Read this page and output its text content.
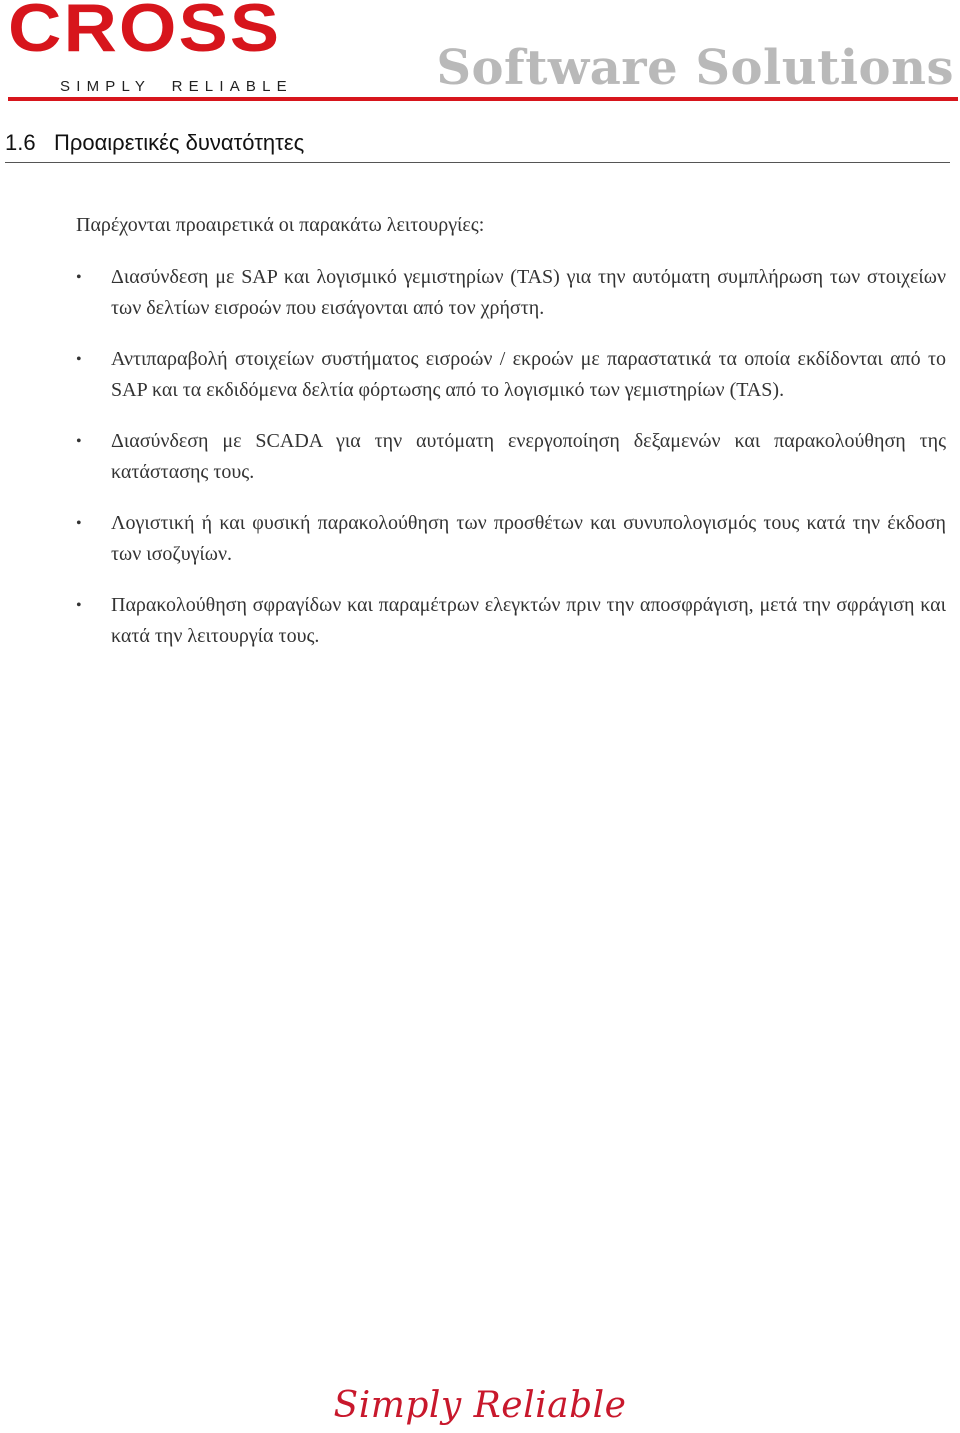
CROSS
SIMPLY  RELIABLE	Software Solutions
1.6 Προαιρετικές δυνατότητες

Παρέχονται προαιρετικά οι παρακάτω λειτουργίες:

•	Διασύνδεση με SAP και λογισμικό γεμιστηρίων (TAS) για την αυτόματη συμπλήρωση των στοιχείων των δελτίων εισροών που εισάγονται από τον χρήστη.
•	Αντιπαραβολή στοιχείων συστήματος εισροών / εκροών με παραστατικά τα οποία εκδίδονται από το SAP και τα εκδιδόμενα δελτία φόρτωσης από το λογισμικό των γεμιστηρίων (TAS).
•	Διασύνδεση με SCADA για την αυτόματη ενεργοποίηση δεξαμενών και παρακολούθηση της κατάστασης τους.
•	Λογιστική ή και φυσική παρακολούθηση των προσθέτων και συνυπολογισμός τους κατά την έκδοση των ισοζυγίων.
•	Παρακολούθηση σφραγίδων και παραμέτρων ελεγκτών πριν την αποσφράγιση, μετά την σφράγιση και κατά την λειτουργία τους.
Simply Reliable
